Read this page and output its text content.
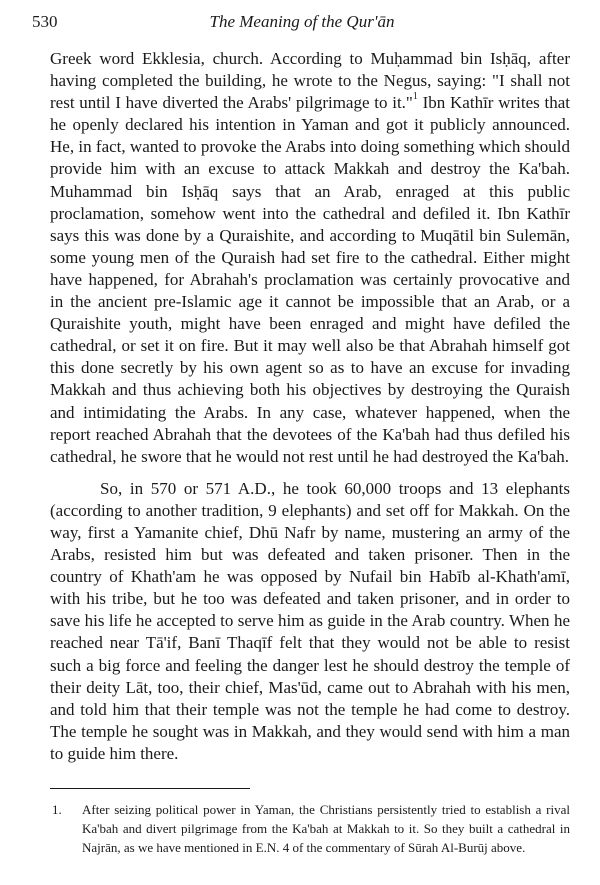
530	The Meaning of the Qur'ān

Greek word Ekklesia, church. According to Muḥammad bin Isḥāq, after having completed the building, he wrote to the Negus, saying: "I shall not rest until I have diverted the Arabs' pilgrimage to it."$^1$ Ibn Kathīr writes that he openly declared his intention in Yaman and got it publicly announced. He, in fact, wanted to provoke the Arabs into doing something which should provide him with an excuse to attack Makkah and destroy the Ka'bah. Muhammad bin Isḥāq says that an Arab, enraged at this public proclamation, somehow went into the cathedral and defiled it. Ibn Kathīr says this was done by a Quraishite, and according to Muqātil bin Sulemān, some young men of the Quraish had set fire to the cathedral. Either might have happened, for Abrahah's proclamation was certainly provocative and in the ancient pre-Islamic age it cannot be impossible that an Arab, or a Quraishite youth, might have been enraged and might have defiled the cathedral, or set it on fire. But it may well also be that Abrahah himself got this done secretly by his own agent so as to have an excuse for invading Makkah and thus achieving both his objectives by destroying the Quraish and intimidating the Arabs. In any case, whatever happened, when the report reached Abrahah that the devotees of the Ka'bah had thus defiled his cathedral, he swore that he would not rest until he had destroyed the Ka'bah.

So, in 570 or 571 A.D., he took 60,000 troops and 13 elephants (according to another tradition, 9 elephants) and set off for Makkah. On the way, first a Yamanite chief, Dhū Nafr by name, mustering an army of the Arabs, resisted him but was defeated and taken prisoner. Then in the country of Khath'am he was opposed by Nufail bin Habīb al-Khath'amī, with his tribe, but he too was defeated and taken prisoner, and in order to save his life he accepted to serve him as guide in the Arab country. When he reached near Tā'if, Banī Thaqīf felt that they would not be able to resist such a big force and feeling the danger lest he should destroy the temple of their deity Lāt, too, their chief, Mas'ūd, came out to Abrahah with his men, and told him that their temple was not the temple he had come to destroy. The temple he sought was in Makkah, and they would send with him a man to guide him there.

1. After seizing political power in Yaman, the Christians persistently tried to establish a rival Ka'bah and divert pilgrimage from the Ka'bah at Makkah to it. So they built a cathedral in Najrān, as we have mentioned in E.N. 4 of the commentary of Sūrah Al-Burūj above.
